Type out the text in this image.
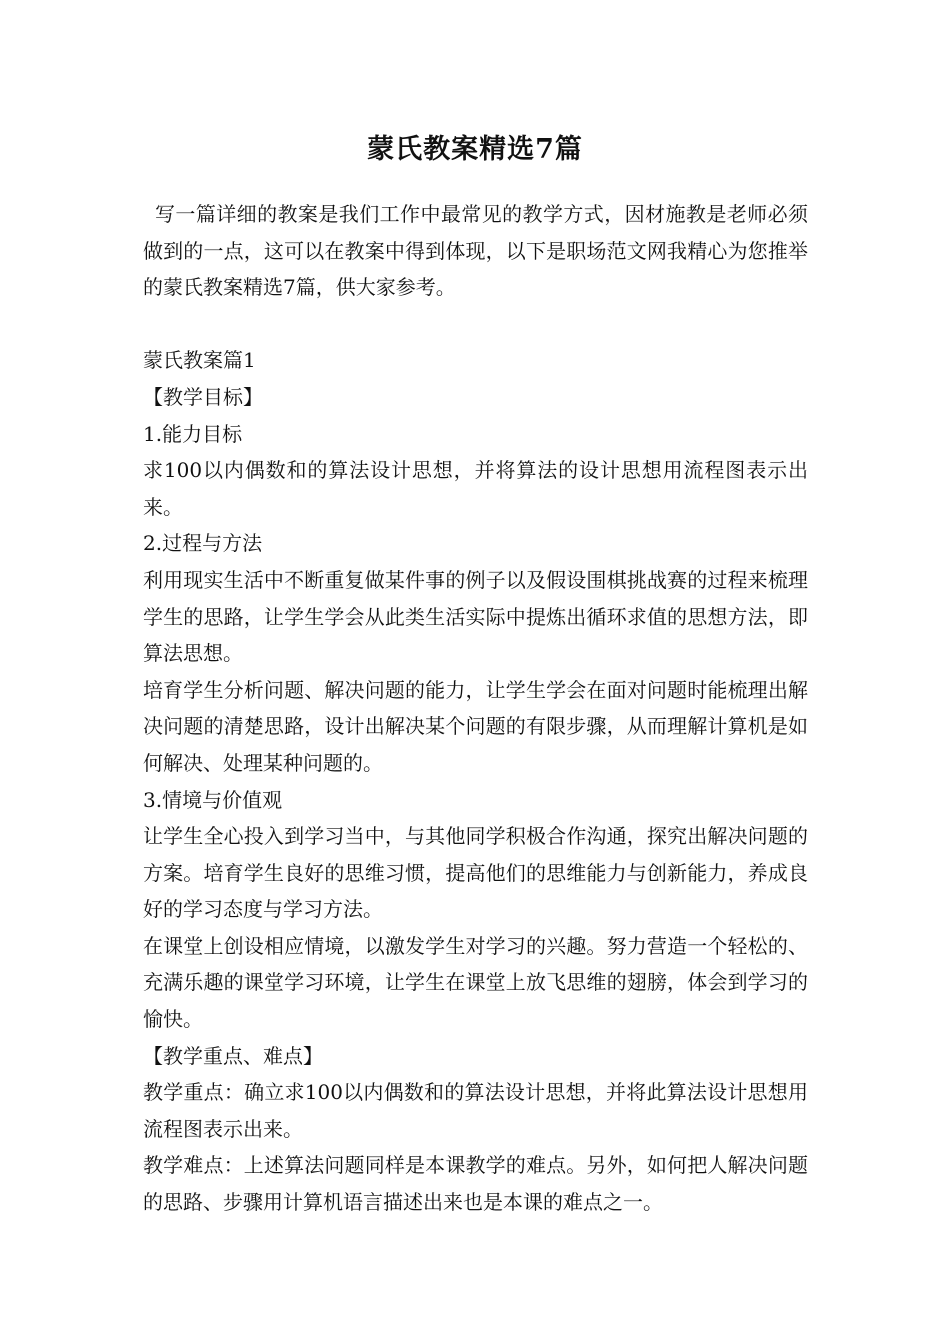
蒙氏教案精选7篇

写一篇详细的教案是我们工作中最常见的教学方式，因材施教是老师必须做到的一点，这可以在教案中得到体现，以下是职场范文网我精心为您推举的蒙氏教案精选7篇，供大家参考。

蒙氏教案篇1

【教学目标】

1.能力目标

求100以内偶数和的算法设计思想，并将算法的设计思想用流程图表示出来。

2.过程与方法

利用现实生活中不断重复做某件事的例子以及假设围棋挑战赛的过程来梳理学生的思路，让学生学会从此类生活实际中提炼出循环求值的思想方法，即算法思想。

培育学生分析问题、解决问题的能力，让学生学会在面对问题时能梳理出解决问题的清楚思路，设计出解决某个问题的有限步骤，从而理解计算机是如何解决、处理某种问题的。

3.情境与价值观

让学生全心投入到学习当中，与其他同学积极合作沟通，探究出解决问题的方案。培育学生良好的思维习惯，提高他们的思维能力与创新能力，养成良好的学习态度与学习方法。

在课堂上创设相应情境，以激发学生对学习的兴趣。努力营造一个轻松的、充满乐趣的课堂学习环境，让学生在课堂上放飞思维的翅膀，体会到学习的愉快。

【教学重点、难点】

教学重点：确立求100以内偶数和的算法设计思想，并将此算法设计思想用流程图表示出来。

教学难点：上述算法问题同样是本课教学的难点。另外，如何把人解决问题的思路、步骤用计算机语言描述出来也是本课的难点之一。
